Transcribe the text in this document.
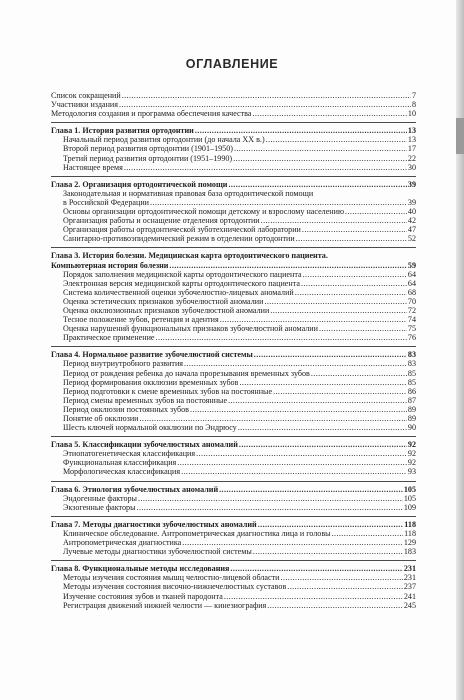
ОГЛАВЛЕНИЕ
Список сокращений .....	7
Участники издания .....	8
Методология создания и программа обеспечения качества .....	10
Глава 1. История развития ортодонтии .....	13
Начальный период развития ортодонтии (до начала XX в.) .....	13
Второй период развития ортодонтии (1901–1950) .....	17
Третий период развития ортодонтии (1951–1990) .....	22
Настоящее время .....	30
Глава 2. Организация ортодонтической помощи .....	39
Законодательная и нормативная правовая база ортодонтической помощи
в Российской Федерации .....	39
Основы организации ортодонтической помощи детскому и взрослому населению .....	40
Организация работы и оснащение отделения ортодонтии .....	42
Организация работы ортодонтической зуботехнической лаборатории .....	47
Санитарно-противоэпидемический режим в отделении ортодонтии .....	52
Глава 3. История болезни. Медицинская карта ортодонтического пациента.
Компьютерная история болезни .....	59
Порядок заполнения медицинской карты ортодонтического пациента .....	64
Электронная версия медицинской карты ортодонтического пациента .....	64
Система количественной оценки зубочелюстно-лицевых аномалий .....	68
Оценка эстетических признаков зубочелюстной аномалии .....	70
Оценка окклюзионных признаков зубочелюстной аномалии .....	72
Тесное положение зубов, ретенция и адентия .....	74
Оценка нарушений функциональных признаков зубочелюстной аномалии .....	75
Практическое применение .....	76
Глава 4. Нормальное развитие зубочелюстной системы .....	83
Период внутриутробного развития .....	83
Период от рождения ребенка до начала прорезывания временных зубов .....	85
Период формирования окклюзии временных зубов .....	85
Период подготовки к смене временных зубов на постоянные .....	86
Период смены временных зубов на постоянные .....	87
Период окклюзии постоянных зубов .....	89
Понятие об окклюзии .....	89
Шесть ключей нормальной окклюзии по Эндрюсу .....	90
Глава 5. Классификации зубочелюстных аномалий .....	92
Этиопатогенетическая классификация .....	92
Функциональная классификация .....	92
Морфологическая классификация .....	93
Глава 6. Этиология зубочелюстных аномалий .....	105
Эндогенные факторы .....	105
Экзогенные факторы .....	109
Глава 7. Методы диагностики зубочелюстных аномалий .....	118
Клиническое обследование. Антропометрическая диагностика лица и головы .....	118
Антропометрическая диагностика .....	129
Лучевые методы диагностики зубочелюстной системы .....	183
Глава 8. Функциональные методы исследования .....	231
Методы изучения состояния мышц челюстно-лицевой области .....	231
Методы изучения состояния височно-нижнечелюстных суставов .....	237
Изучение состояния зубов и тканей пародонта .....	241
Регистрация движений нижней челюсти — кинезиография .....	245
